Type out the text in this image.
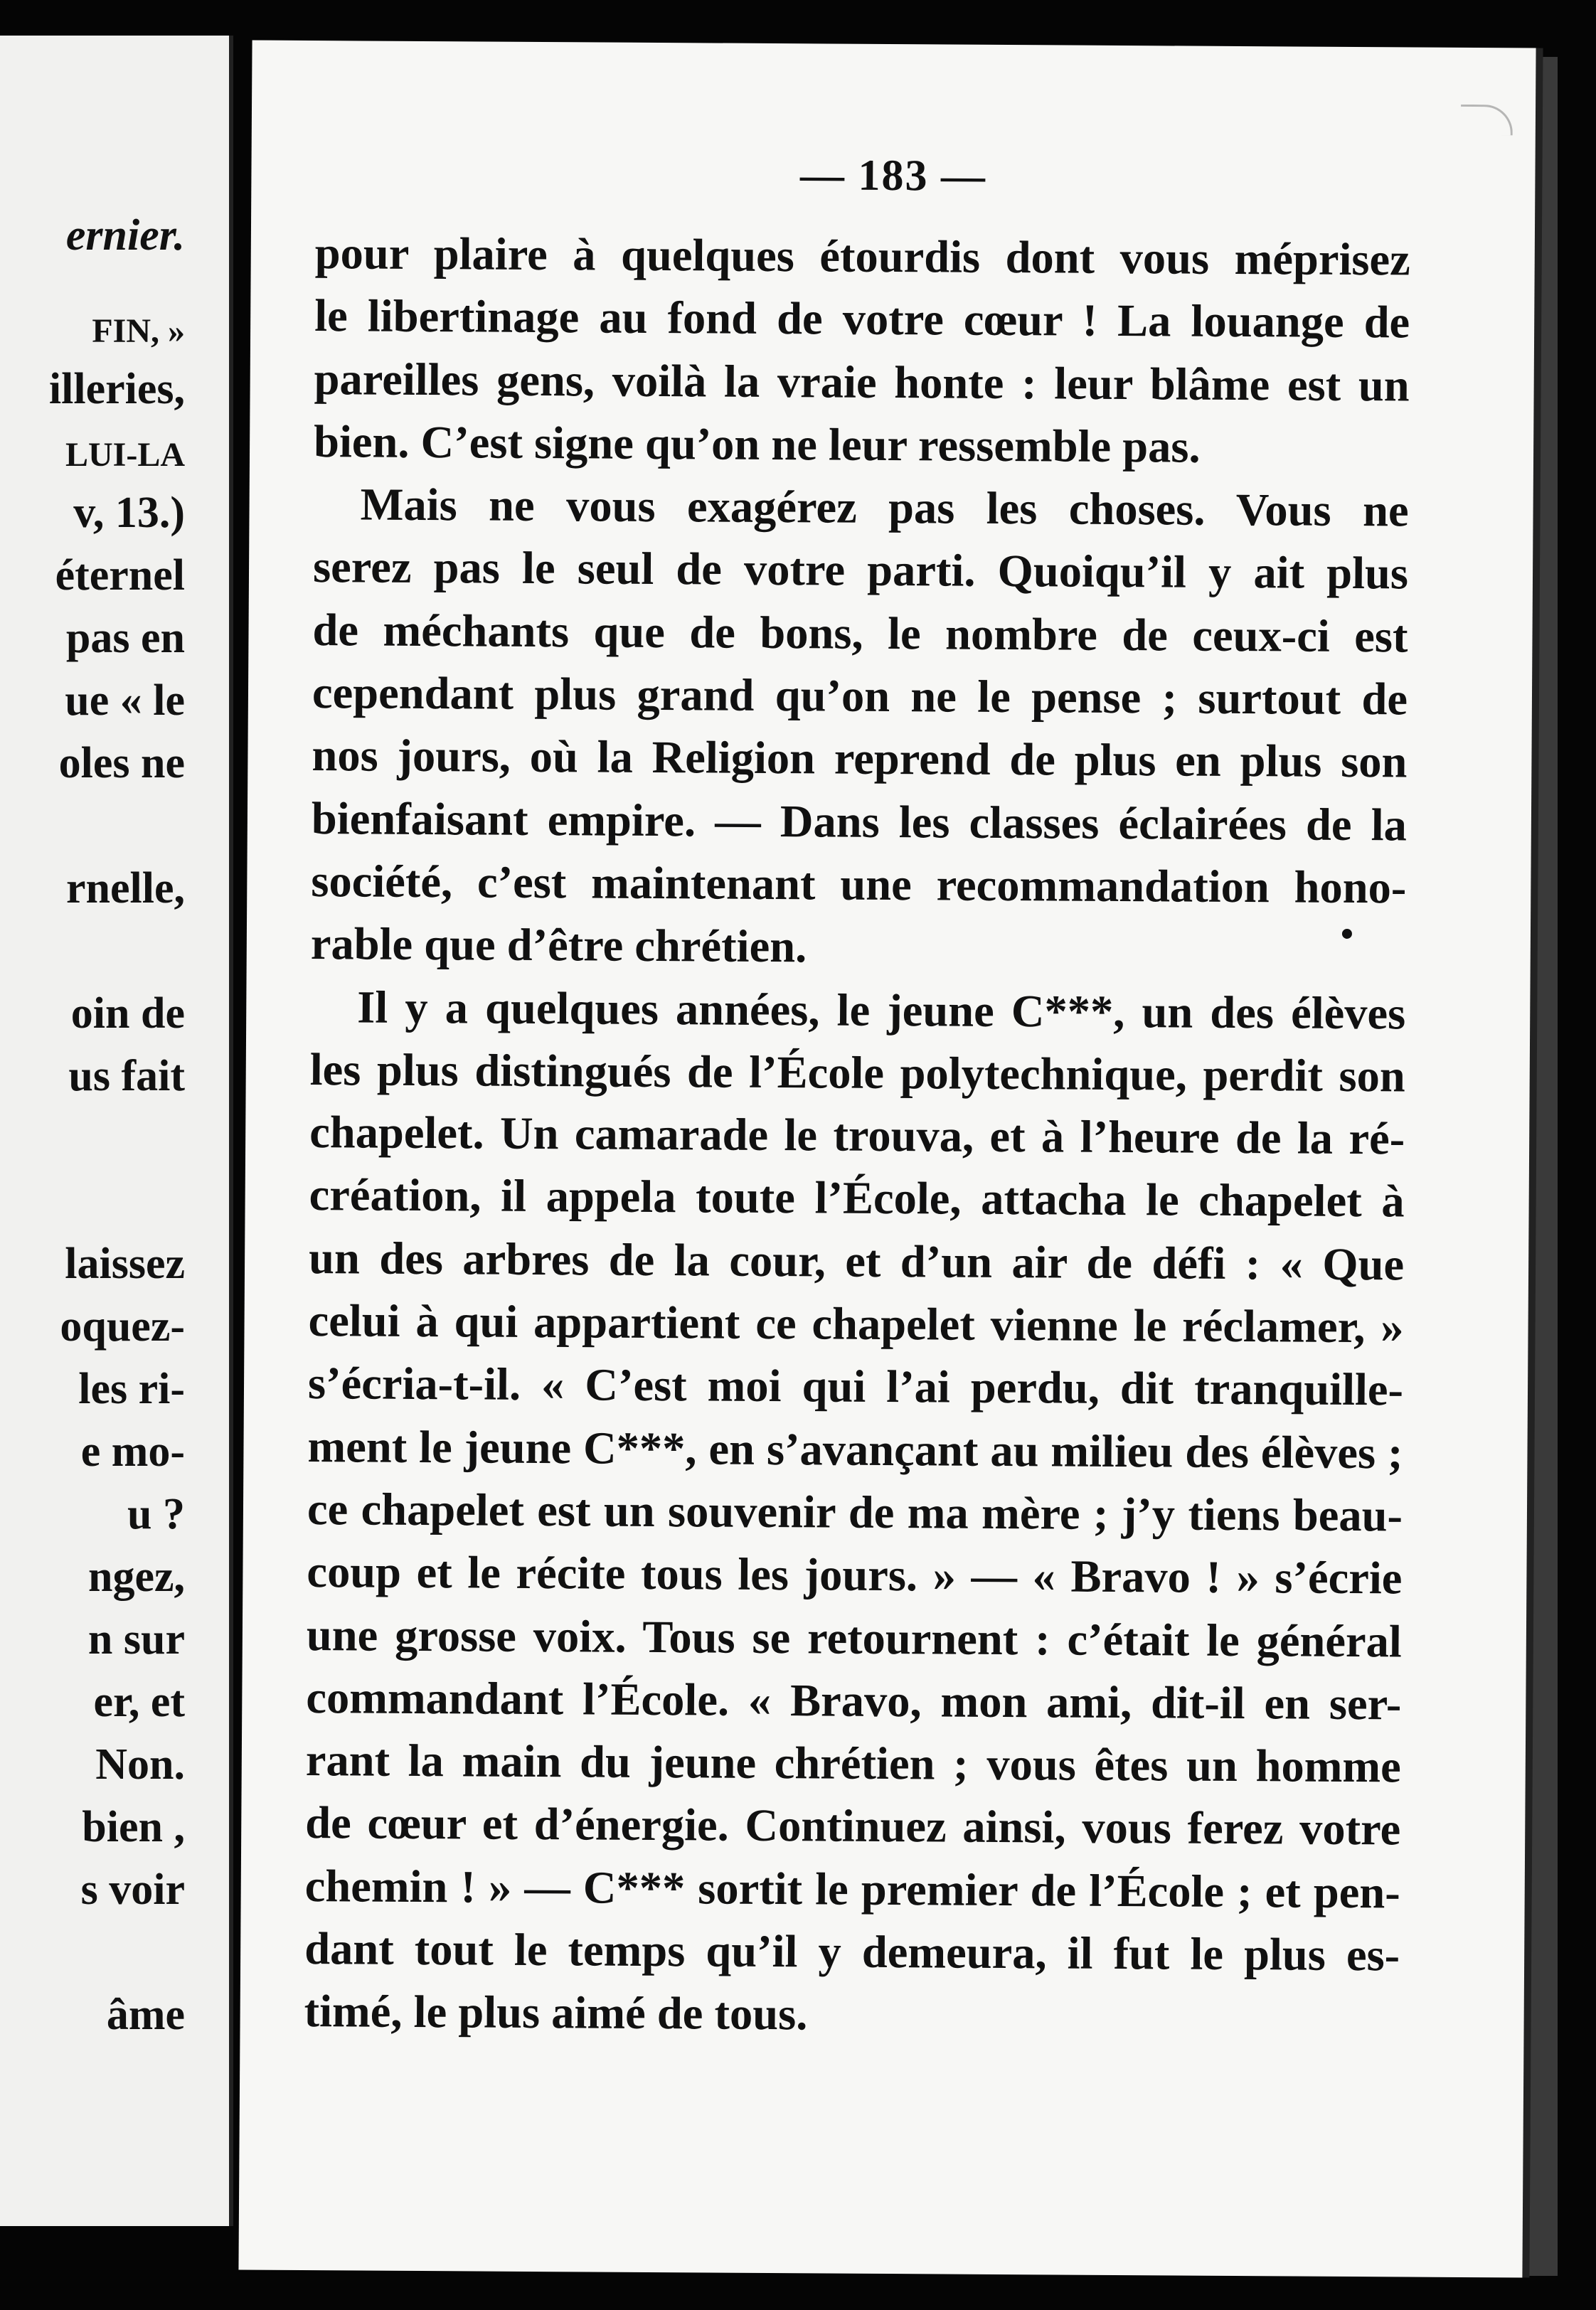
ernier.
FIN, »
illeries,
LUI-LA
v, 13.)
éternel
pas en
ue « le
oles ne
rnelle,
oin de
us fait
laissez
oquez-
les ri-
e mo-
u ?
ngez,
n sur
er, et
Non.
bien ,
s voir
âme
— 183 —

pour plaire à quelques étourdis dont vous méprisez
le libertinage au fond de votre cœur ! La louange de
pareilles gens, voilà la vraie honte : leur blâme est un
bien. C’est signe qu’on ne leur ressemble pas.

Mais ne vous exagérez pas les choses. Vous ne
serez pas le seul de votre parti. Quoiqu’il y ait plus
de méchants que de bons, le nombre de ceux-ci est
cependant plus grand qu’on ne le pense ; surtout de
nos jours, où la Religion reprend de plus en plus son
bienfaisant empire. — Dans les classes éclairées de la
société, c’est maintenant une recommandation hono-
rable que d’être chrétien.

Il y a quelques années, le jeune C***, un des élèves
les plus distingués de l’École polytechnique, perdit son
chapelet. Un camarade le trouva, et à l’heure de la ré-
création, il appela toute l’École, attacha le chapelet à
un des arbres de la cour, et d’un air de défi : « Que
celui à qui appartient ce chapelet vienne le réclamer, »
s’écria-t-il. « C’est moi qui l’ai perdu, dit tranquille-
ment le jeune C***, en s’avançant au milieu des élèves ;
ce chapelet est un souvenir de ma mère ; j’y tiens beau-
coup et le récite tous les jours. » — « Bravo ! » s’écrie
une grosse voix. Tous se retournent : c’était le général
commandant l’École. « Bravo, mon ami, dit-il en ser-
rant la main du jeune chrétien ; vous êtes un homme
de cœur et d’énergie. Continuez ainsi, vous ferez votre
chemin ! » — C*** sortit le premier de l’École ; et pen-
dant tout le temps qu’il y demeura, il fut le plus es-
timé, le plus aimé de tous.
